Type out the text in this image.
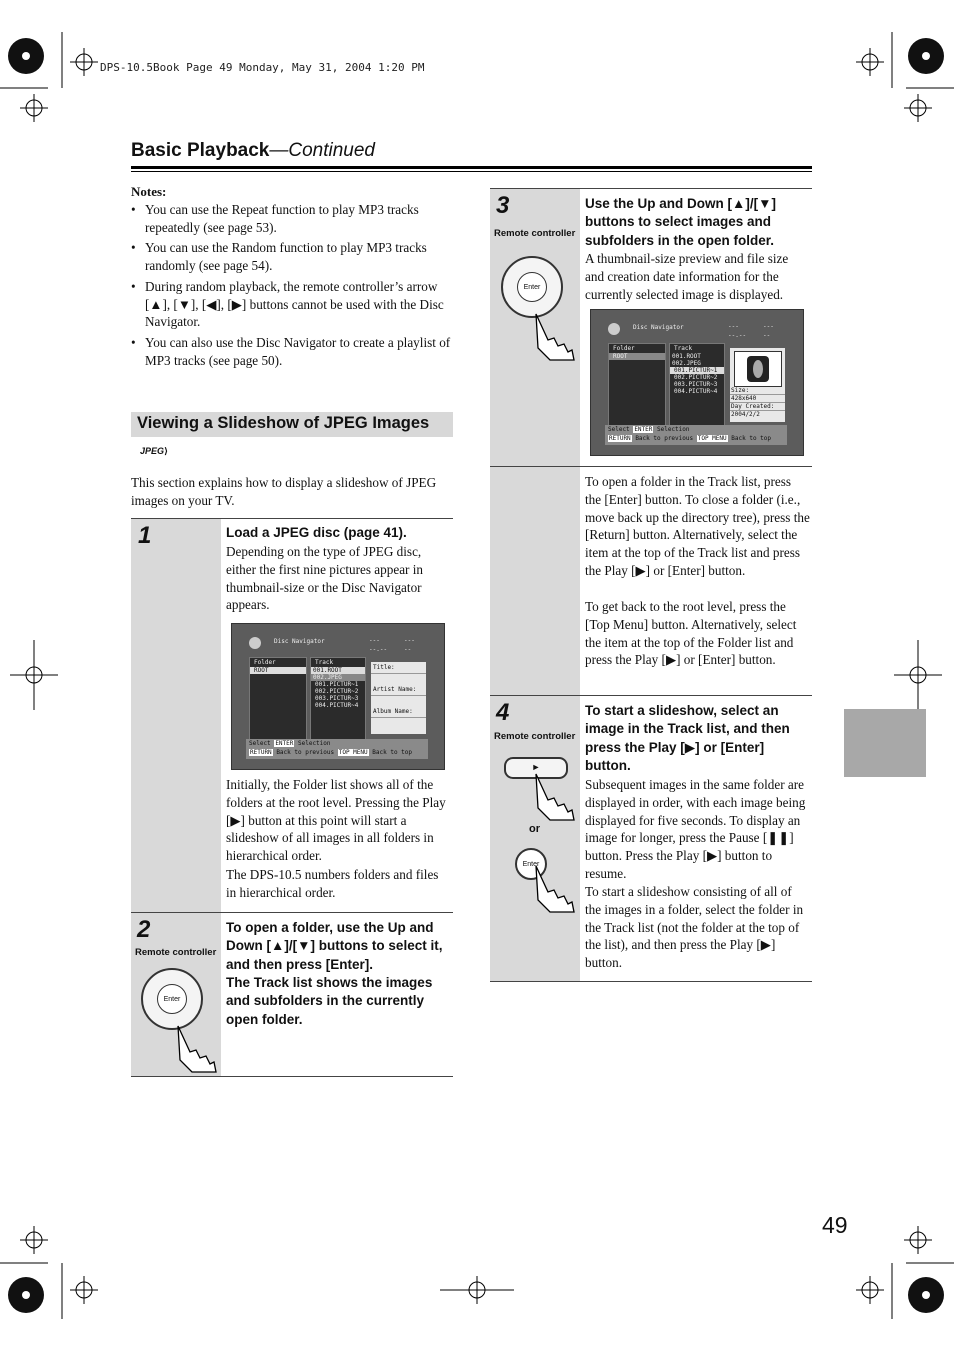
DPS-10.5Book Page 49 Monday, May 31, 2004 1:20 PM
Basic Playback—Continued
Notes:
• You can use the Repeat function to play MP3 tracks repeatedly (see page 53).
• You can use the Random function to play MP3 tracks randomly (see page 54).
• During random playback, the remote controller’s arrow [▲], [▼], [◀], [▶] buttons cannot be used with the Disc Navigator.
• You can also use the Disc Navigator to create a playlist of MP3 tracks (see page 50).
Viewing a Slideshow of JPEG Images
JPEG⟩
This section explains how to display a slideshow of JPEG images on your TV.
1	Load a JPEG disc (page 41).
Depending on the type of JPEG disc, either the first nine pictures appear in thumbnail-size or the Disc Navigator appears.
Disc Navigator	---	---
--.--	--
Folder
ROOT
Track
001.ROOT
002.JPEG
001.PICTUR~1
002.PICTUR~2
003.PICTUR~3
004.PICTUR~4
Title:
Artist Name:
Album Name:
Select ENTER Selection
RETURN Back to previous TOP MENU Back to top
Initially, the Folder list shows all of the folders at the root level. Pressing the Play [▶] button at this point will start a slideshow of all images in all folders in hierarchical order.
The DPS-10.5 numbers folders and files in hierarchical order.
2
Remote controller
Enter
To open a folder, use the Up and Down [▲]/[▼] buttons to select it, and then press [Enter].
The Track list shows the images and subfolders in the currently open folder.
3
Remote controller
Enter
Use the Up and Down [▲]/[▼] buttons to select images and subfolders in the open folder.
A thumbnail-size preview and file size and creation date information for the currently selected image is displayed.
Disc Navigator	---	---
--.--	--
Folder
ROOT
Track
001.ROOT
002.JPEG
001.PICTUR~1
002.PICTUR~2
003.PICTUR~3
004.PICTUR~4	Size:
428x640
Day Created:
2004/2/2
Select ENTER Selection
RETURN Back to previous TOP MENU Back to top
To open a folder in the Track list, press the [Enter] button. To close a folder (i.e., move back up the directory tree), press the [Return] button. Alternatively, select the item at the top of the Track list and press the Play [▶] or [Enter] button.
To get back to the root level, press the [Top Menu] button. Alternatively, select the item at the top of the Folder list and press the Play [▶] or [Enter] button.
4
Remote controller
►
or
Enter
To start a slideshow, select an image in the Track list, and then press the Play [▶] or [Enter] button.
Subsequent images in the same folder are displayed in order, with each image being displayed for five seconds. To display an image for longer, press the Pause [❚❚] button. Press the Play [▶] button to resume.
To start a slideshow consisting of all of the images in a folder, select the folder in the Track list (not the folder at the top of the list), and then press the Play [▶] button.
49
